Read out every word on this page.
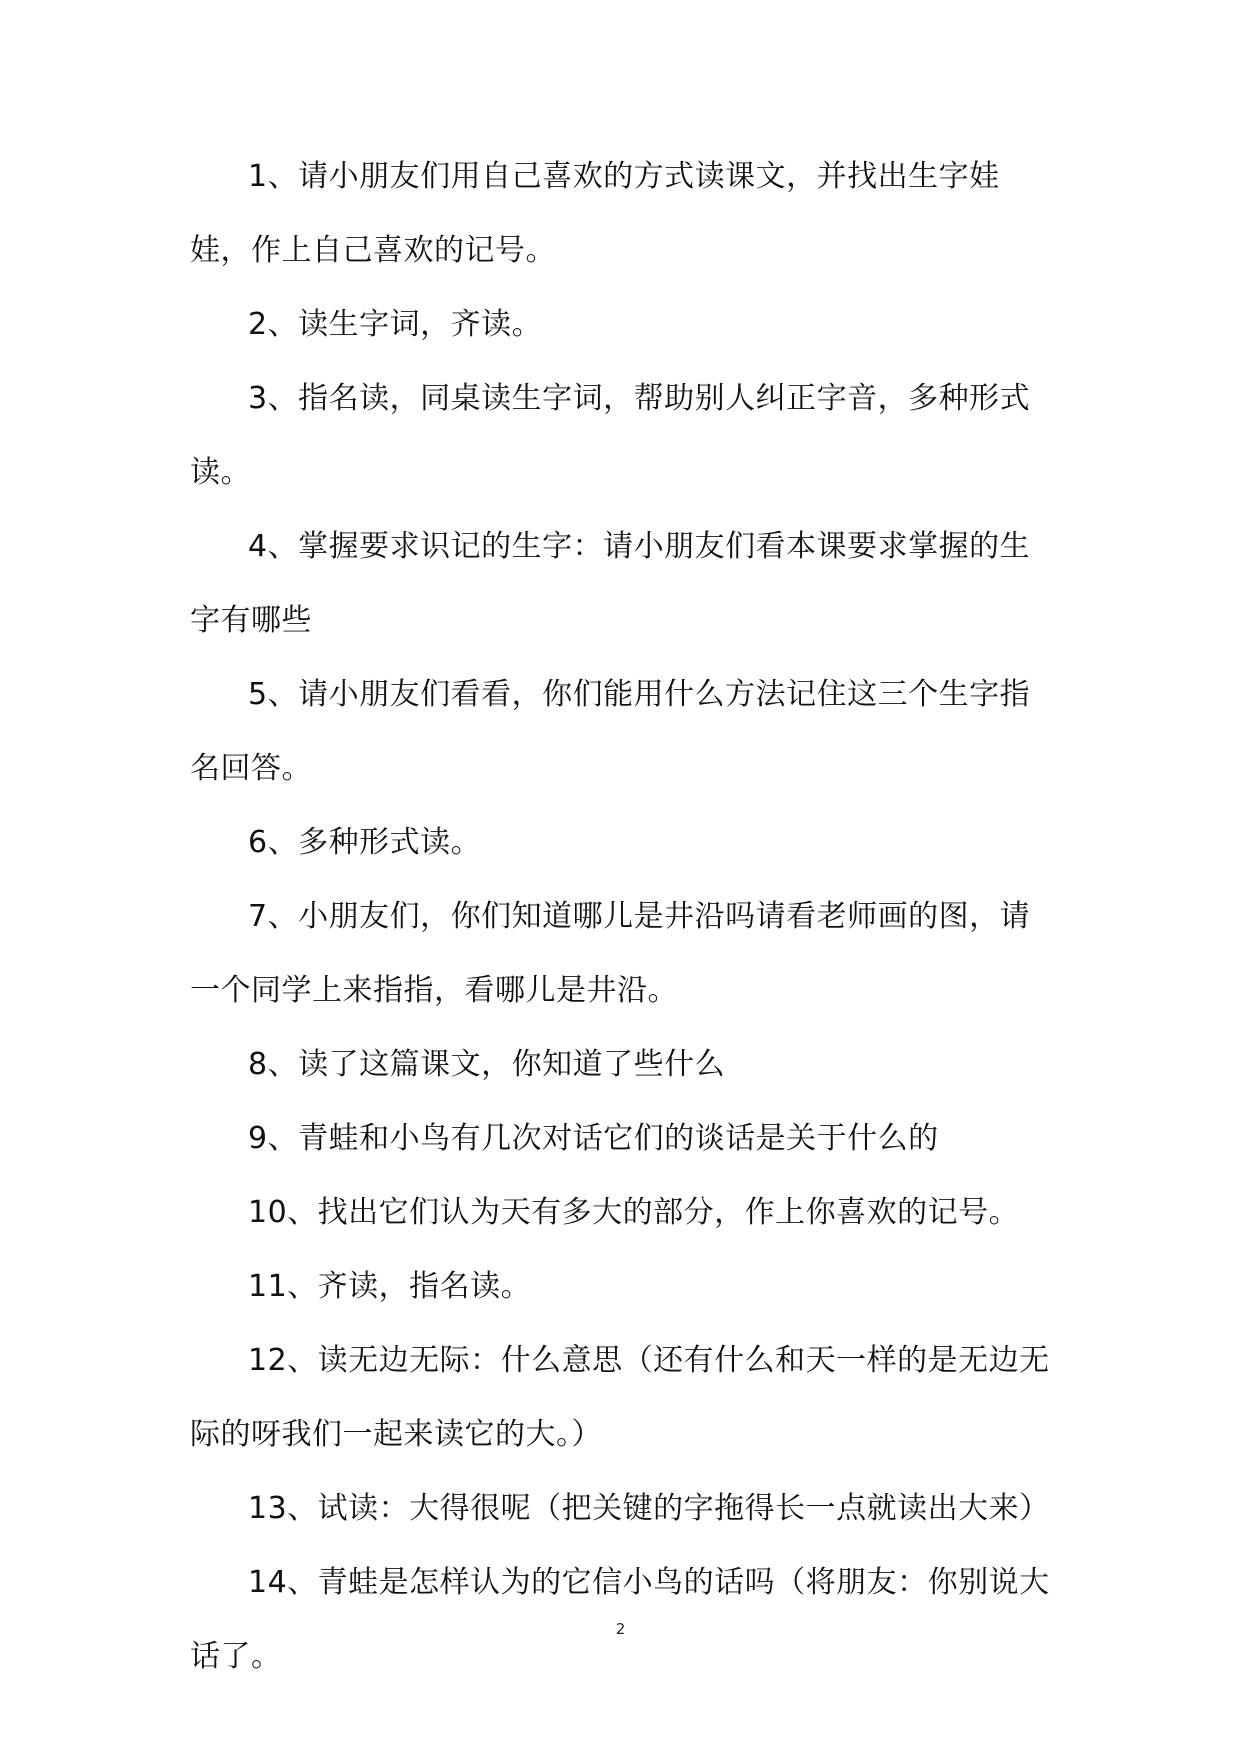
1、请小朋友们用自己喜欢的方式读课文，并找出生字娃娃，作上自己喜欢的记号。

2、读生字词，齐读。

3、指名读，同桌读生字词，帮助别人纠正字音，多种形式读。

4、掌握要求识记的生字：请小朋友们看本课要求掌握的生字有哪些

5、请小朋友们看看，你们能用什么方法记住这三个生字指名回答。

6、多种形式读。

7、小朋友们，你们知道哪儿是井沿吗请看老师画的图，请一个同学上来指指，看哪儿是井沿。

8、读了这篇课文，你知道了些什么

9、青蛙和小鸟有几次对话它们的谈话是关于什么的

10、找出它们认为天有多大的部分，作上你喜欢的记号。

11、齐读，指名读。

12、读无边无际：什么意思（还有什么和天一样的是无边无际的呀我们一起来读它的大。）

13、试读：大得很呢（把关键的字拖得长一点就读出大来）

14、青蛙是怎样认为的它信小鸟的话吗（将朋友：你别说大话了。

2
